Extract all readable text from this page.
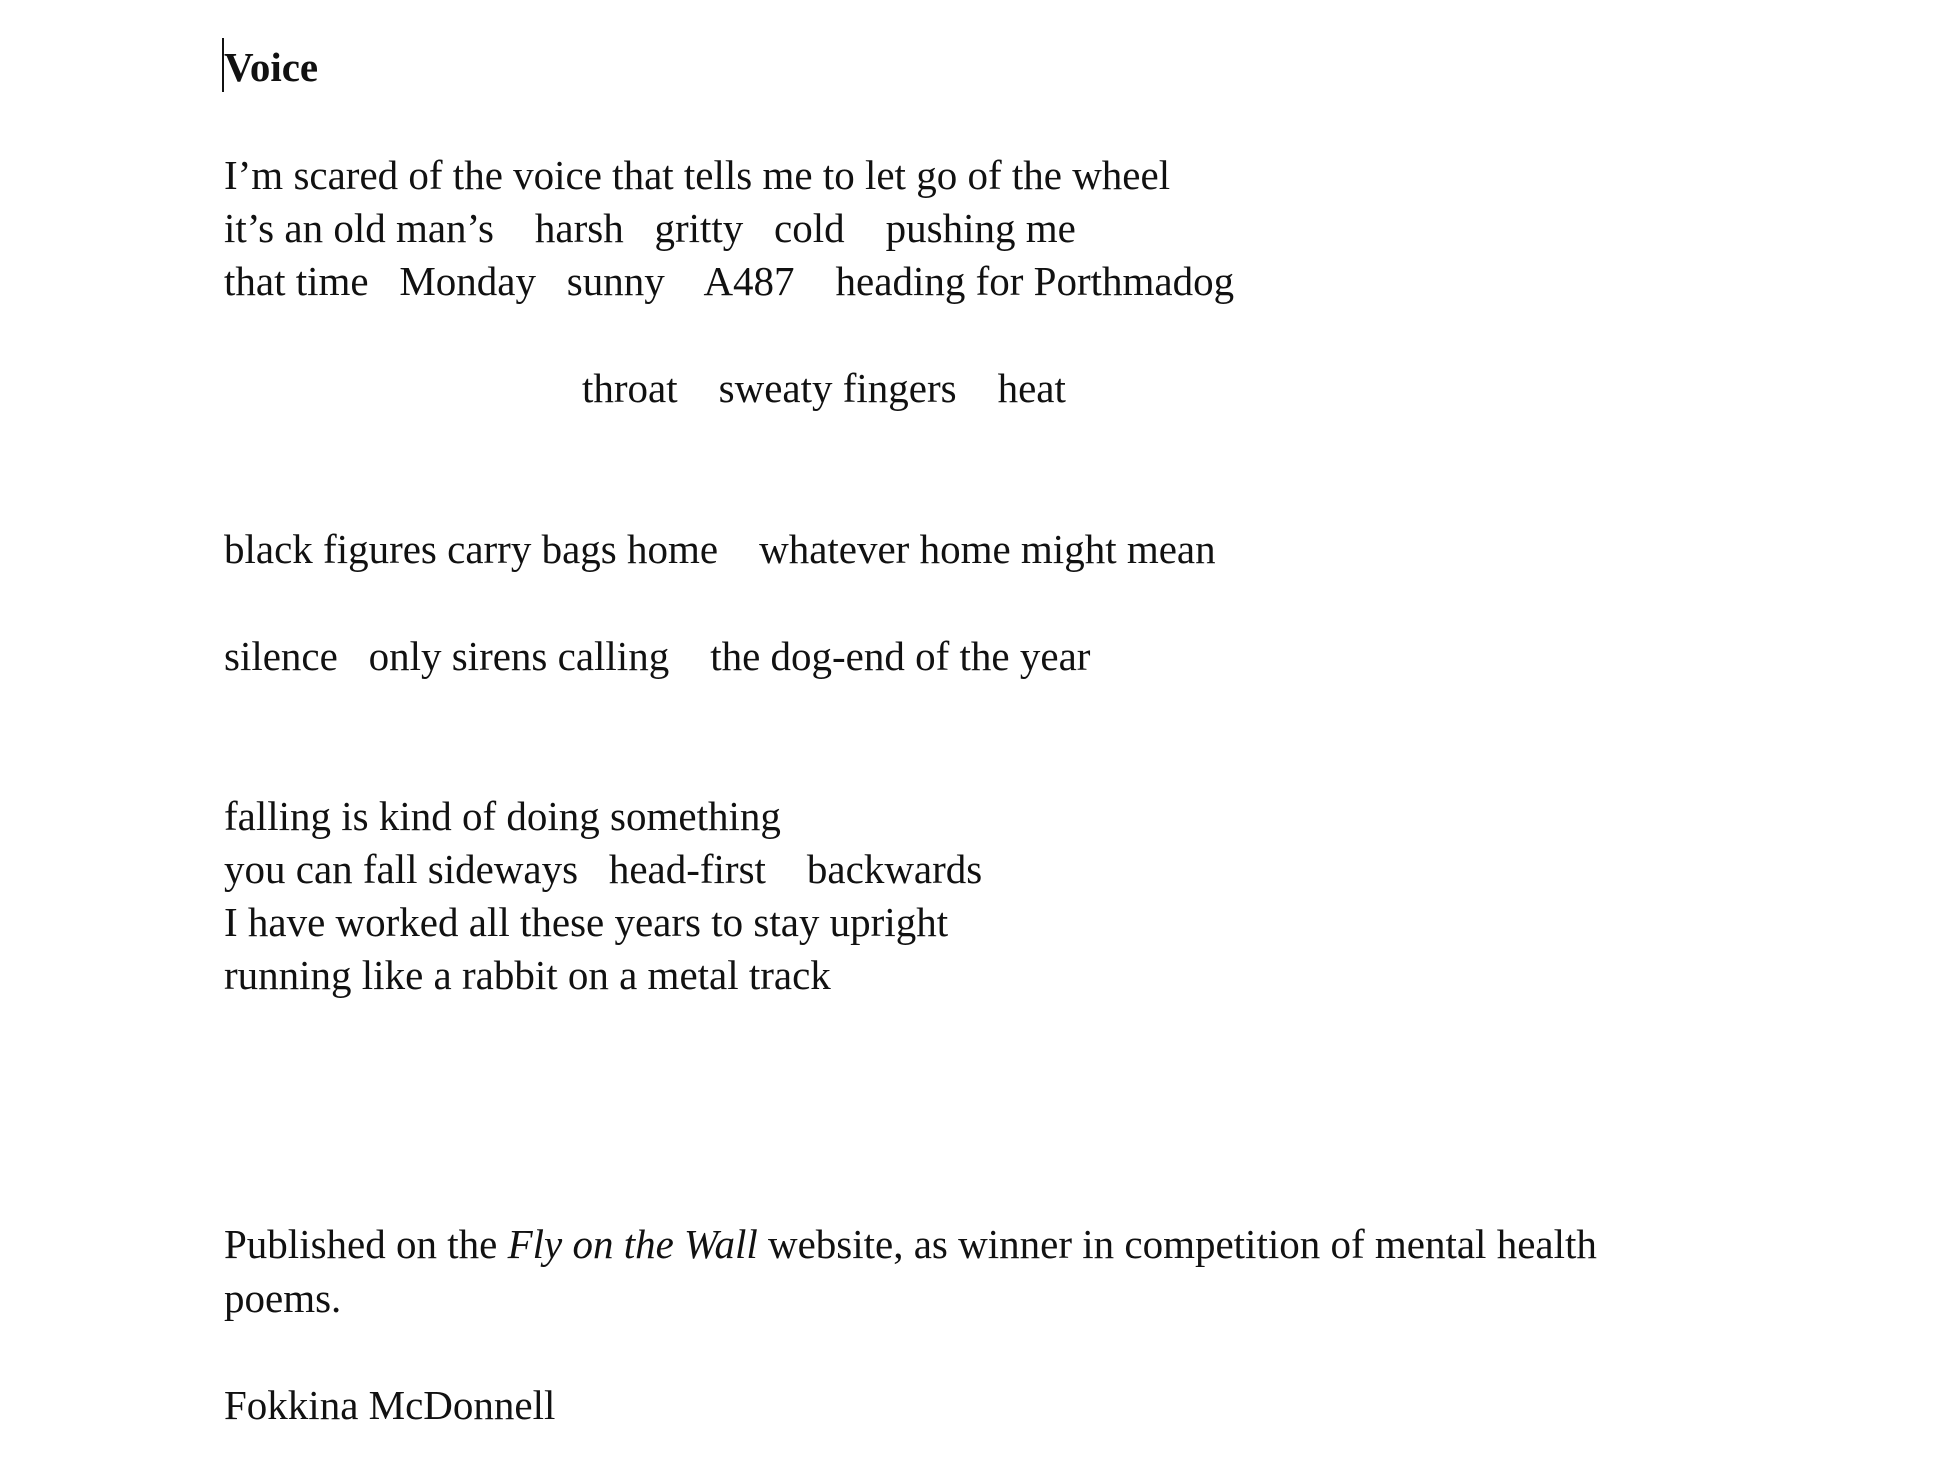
Voice
I’m scared of the voice that tells me to let go of the wheel
it’s an old man’s    harsh   gritty   cold    pushing me
that time   Monday   sunny    A487    heading for Porthmadog
throat    sweaty fingers    heat
black figures carry bags home    whatever home might mean
silence   only sirens calling    the dog-end of the year
falling is kind of doing something
you can fall sideways   head-first    backwards
I have worked all these years to stay upright
running like a rabbit on a metal track
Published on the Fly on the Wall website, as winner in competition of mental health poems.
Fokkina McDonnell
